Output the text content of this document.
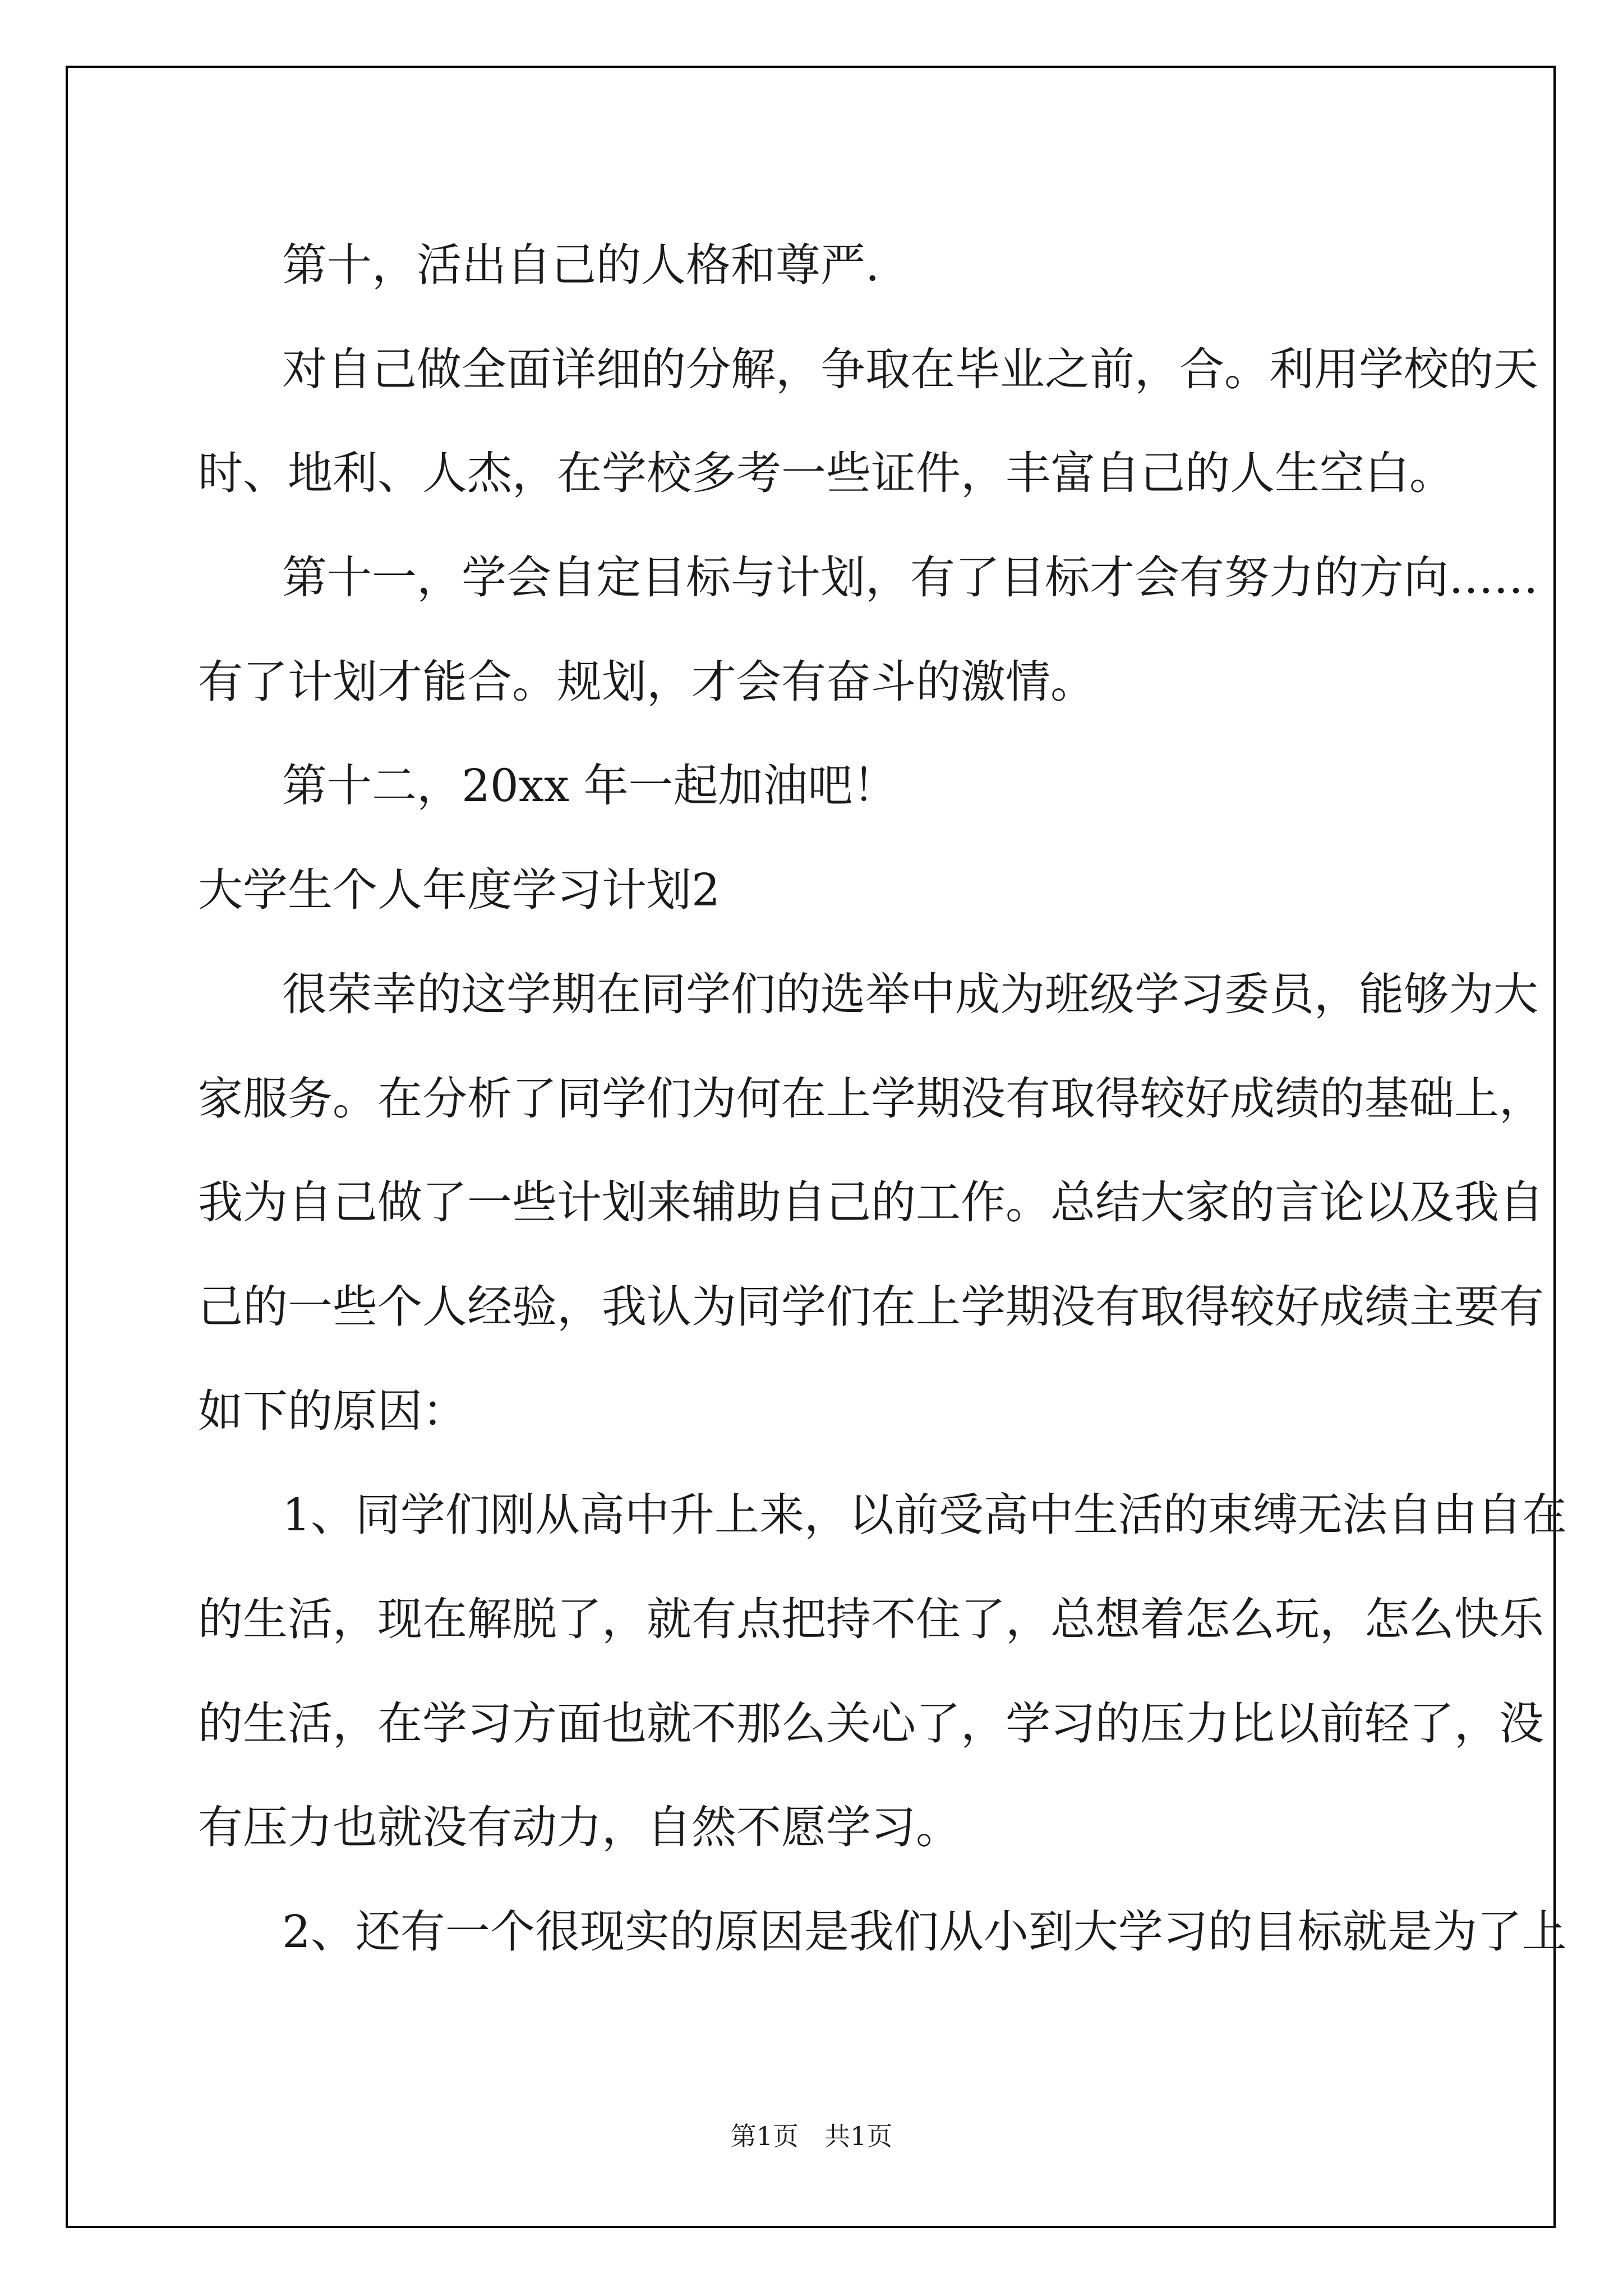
第十，活出自己的人格和尊严.
对自己做全面详细的分解，争取在毕业之前，合。利用学校的天
时、地利、人杰，在学校多考一些证件，丰富自己的人生空白。
第十一，学会自定目标与计划，有了目标才会有努力的方向……
有了计划才能合。规划，才会有奋斗的激情。
第十二，20xx 年一起加油吧！
大学生个人年度学习计划2
很荣幸的这学期在同学们的选举中成为班级学习委员，能够为大
家服务。在分析了同学们为何在上学期没有取得较好成绩的基础上，
我为自己做了一些计划来辅助自己的工作。总结大家的言论以及我自
己的一些个人经验，我认为同学们在上学期没有取得较好成绩主要有
如下的原因：
1、同学们刚从高中升上来，以前受高中生活的束缚无法自由自在
的生活，现在解脱了，就有点把持不住了，总想着怎么玩，怎么快乐
的生活，在学习方面也就不那么关心了，学习的压力比以前轻了，没
有压力也就没有动力，自然不愿学习。
2、还有一个很现实的原因是我们从小到大学习的目标就是为了上
第1页　共1页
